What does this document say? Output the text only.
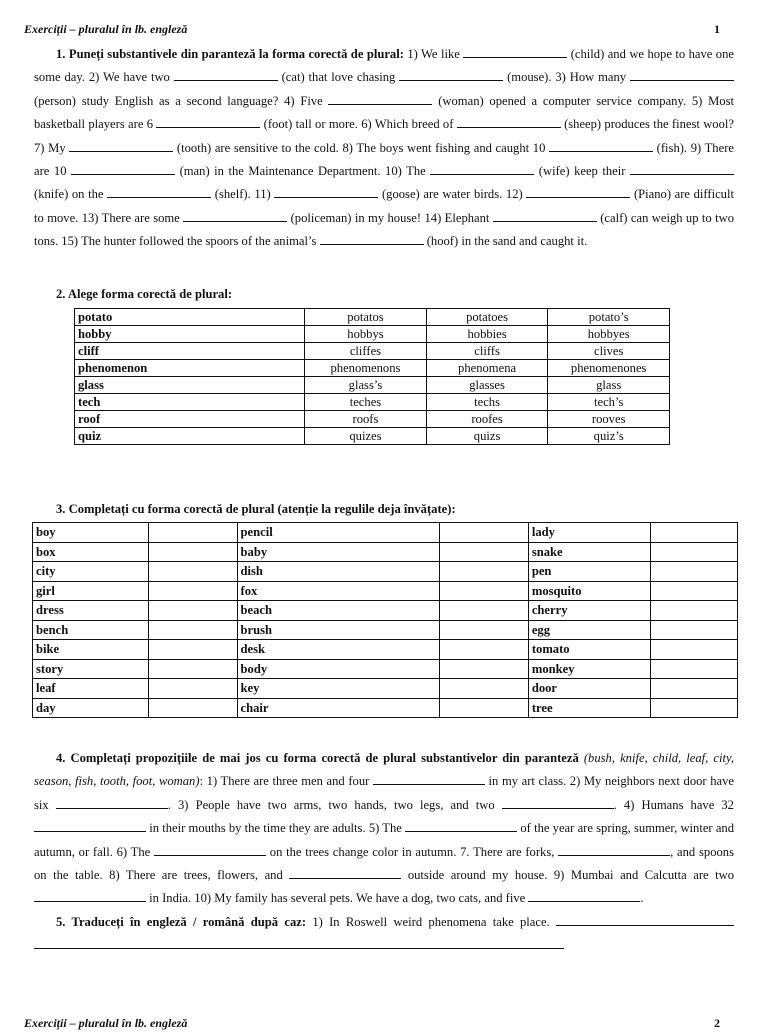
Exerciții – pluralul în lb. engleză	1
1. Puneți substantivele din paranteză la forma corectă de plural: 1) We like	(child) and we hope to have one some day. 2) We have two	(cat) that love chasing	(mouse). 3) How many  (person) study English as a second language? 4) Five	(woman) opened a computer service company. 5) Most basketball players are 6	(foot) tall or more. 6) Which breed of	(sheep) produces the finest wool? 7) My	(tooth) are sensitive to the cold. 8) The boys went fishing and caught 10	(fish). 9) There are 10	(man) in the Maintenance Department. 10) The	(wife) keep their  (knife) on the	(shelf). 11)	(goose) are water birds. 12)	(Piano) are difficult to move. 13) There are some	(policeman) in my house! 14) Elephant	(calf) can weigh up to two tons. 15) The hunter followed the spoors of the animal’s	(hoof) in the sand and caught it.
2. Alege forma corectă de plural:
potato	potatos	potatoes	potato’s
hobby	hobbys	hobbies	hobbyes
cliff	cliffes	cliffs	clives
phenomenon	phenomenons	phenomena	phenomenones
glass	glass’s	glasses	glass
tech	teches	techs	tech’s
roof	roofs	roofes	rooves
quiz	quizes	quizs	quiz’s
3. Completați cu forma corectă de plural (atenție la regulile deja învățate):
boy		pencil		lady	
box		baby		snake	
city		dish		pen	
girl		fox		mosquito	
dress		beach		cherry	
bench		brush		egg	
bike		desk		tomato	
story		body		monkey	
leaf		key		door	
day		chair		tree	
4. Completați propozițiile de mai jos cu forma corectă de plural substantivelor din paranteză (bush, knife, child, leaf, city, season, fish, tooth, foot, woman): 1) There are three men and four	in my art class. 2) My neighbors next door have six	. 3) People have two arms, two hands, two legs, and two	. 4) Humans have 32  in their mouths by the time they are adults. 5) The	of the year are spring, summer, winter and autumn, or fall. 6) The	on the trees change color in autumn. 7. There are forks,	, and spoons on the table. 8) There are trees, flowers, and	outside around my house. 9) Mumbai and Calcutta are two  in India. 10) My family has several pets. We have a dog, two cats, and five	.
5. Traduceți în engleză / română după caz: 1) In Roswell weird phenomena take place.
Exerciții – pluralul în lb. engleză	2
